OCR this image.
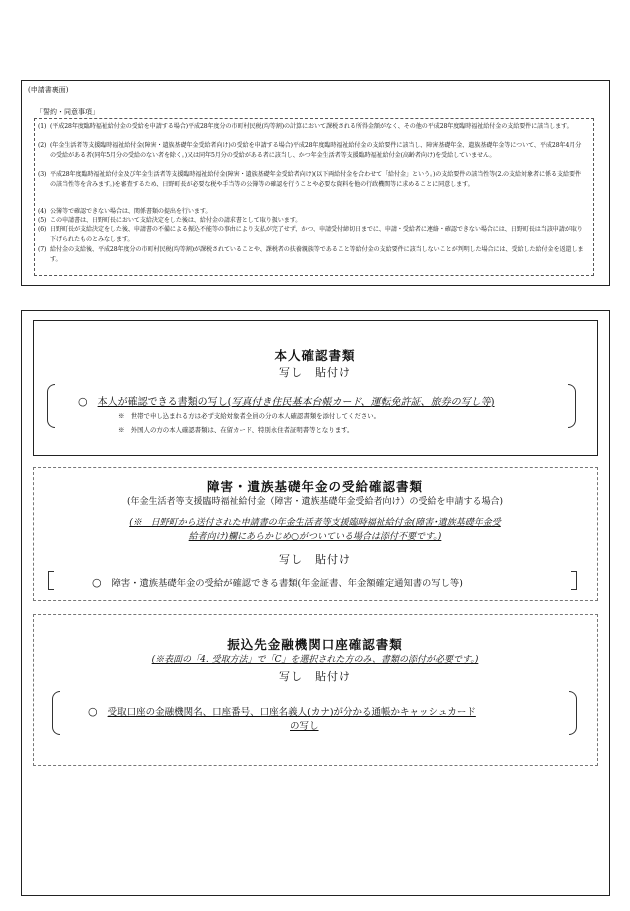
(申請書裏面)
「誓約・同意事項」
(1) (平成28年度臨時福祉給付金の受給を申請する場合)平成28年度分の市町村民税(均等割)の計算において課税される所得金額がなく、その他の平成28年度臨時福祉給付金の支給要件に該当します。
(2) (年金生活者等支援臨時福祉給付金(障害・遺族基礎年金受給者向け)の受給を申請する場合)平成28年度臨時福祉給付金の支給要件に該当し、障害基礎年金、遺族基礎年金等について、平成28年4月分の受給がある者(同年5月分の受給のない者を除く。)又は同年5月分の受給がある者に該当し、かつ年金生活者等支援臨時福祉給付金(高齢者向け)を受給していません。
(3) 平成28年度臨時福祉給付金及び年金生活者等支援臨時福祉給付金(障害・遺族基礎年金受給者向け)(以下両給付金を合わせて「給付金」という。)の支給要件の該当性等(2.の支給対象者に係る支給要件の該当性等を含みます。)を審査するため、日野町長が必要な税や手当等の公簿等の確認を行うことや必要な資料を他の行政機関等に求めることに同意します。
(4) 公簿等で確認できない場合は、関係書類の提出を行います。
(5) この申請書は、日野町長において支給決定をした後は、給付金の請求書として取り扱います。
(6) 日野町長が支給決定をした後、申請書の不備による振込不能等の事由により支払が完了せず、かつ、申請受付締切日までに、申請・受給者に連絡・確認できない場合には、日野町長は当該申請が取り下げられたものとみなします。
(7) 給付金の支給後、平成28年度分の市町村民税(均等割)が課税されていることや、課税者の扶養親族等であること等給付金の支給要件に該当しないことが判明した場合には、受給した給付金を返還します。
本人確認書類
写し　貼付け
○ 本人が確認できる書類の写し(写真付き住民基本台帳カード、運転免許証、旅券の写し等)
※　世帯で申し込まれる方は必ず支給対象者全員の分の本人確認書類を添付してください。
※　外国人の方の本人確認書類は、在留カード、特別永住者証明書等となります。
障害・遺族基礎年金の受給確認書類
(年金生活者等支援臨時福祉給付金（障害・遺族基礎年金受給者向け）の受給を申請する場合)
(※　日野町から送付された申請書の年金生活者等支援臨時福祉給付金(障害･遺族基礎年金受
給者向け)欄にあらかじめ○がついている場合は添付不要です。)
写し　貼付け
○ 障害・遺族基礎年金の受給が確認できる書類(年金証書、年金額確定通知書の写し等)
振込先金融機関口座確認書類
(※表面の「4. 受取方法」で「C」を選択された方のみ、書類の添付が必要です。)
写し　貼付け
○ 受取口座の金融機関名、口座番号、口座名義人(カナ)が分かる通帳かキャッシュカード
の写し
